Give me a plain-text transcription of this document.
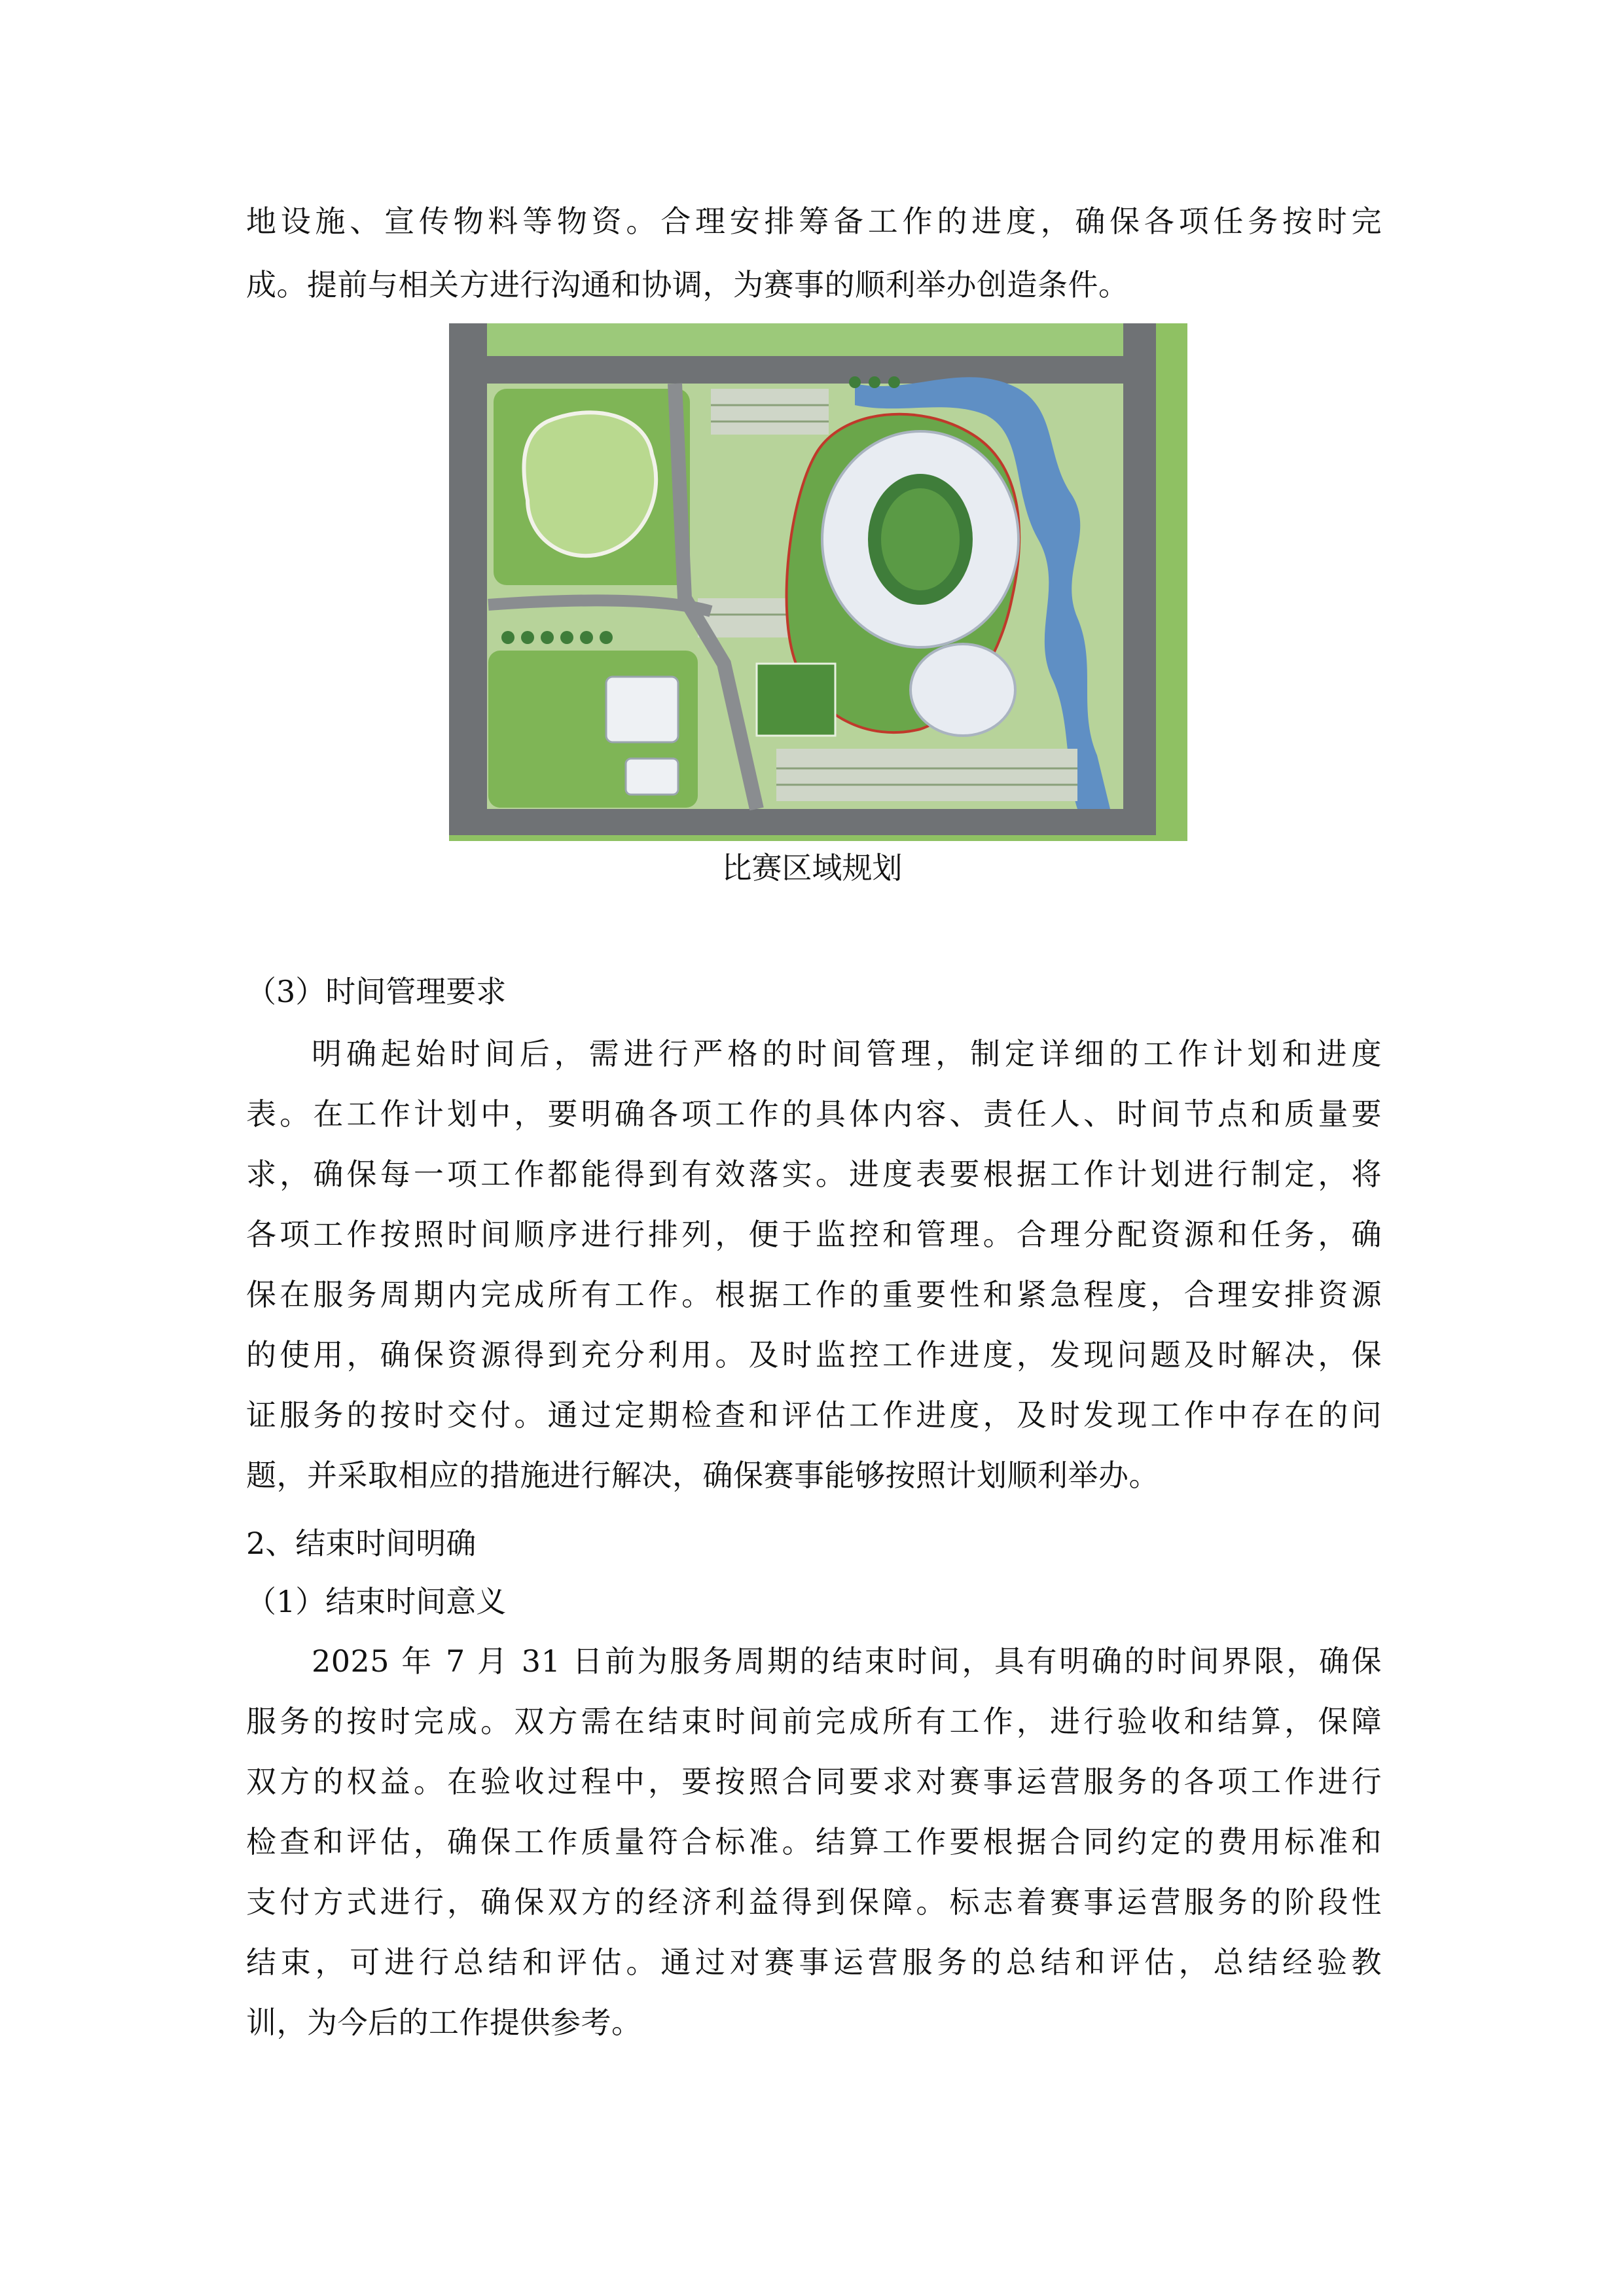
地设施、宣传物料等物资。合理安排筹备工作的进度，确保各项任务按时完
成。提前与相关方进行沟通和协调，为赛事的顺利举办创造条件。
比赛区域规划
（3）时间管理要求
明确起始时间后，需进行严格的时间管理，制定详细的工作计划和进度
表。在工作计划中，要明确各项工作的具体内容、责任人、时间节点和质量要
求，确保每一项工作都能得到有效落实。进度表要根据工作计划进行制定，将
各项工作按照时间顺序进行排列，便于监控和管理。合理分配资源和任务，确
保在服务周期内完成所有工作。根据工作的重要性和紧急程度，合理安排资源
的使用，确保资源得到充分利用。及时监控工作进度，发现问题及时解决，保
证服务的按时交付。通过定期检查和评估工作进度，及时发现工作中存在的问
题，并采取相应的措施进行解决，确保赛事能够按照计划顺利举办。
2、结束时间明确
（1）结束时间意义
2025 年 7 月 31 日前为服务周期的结束时间，具有明确的时间界限，确保
服务的按时完成。双方需在结束时间前完成所有工作，进行验收和结算，保障
双方的权益。在验收过程中，要按照合同要求对赛事运营服务的各项工作进行
检查和评估，确保工作质量符合标准。结算工作要根据合同约定的费用标准和
支付方式进行，确保双方的经济利益得到保障。标志着赛事运营服务的阶段性
结束，可进行总结和评估。通过对赛事运营服务的总结和评估，总结经验教
训，为今后的工作提供参考。
